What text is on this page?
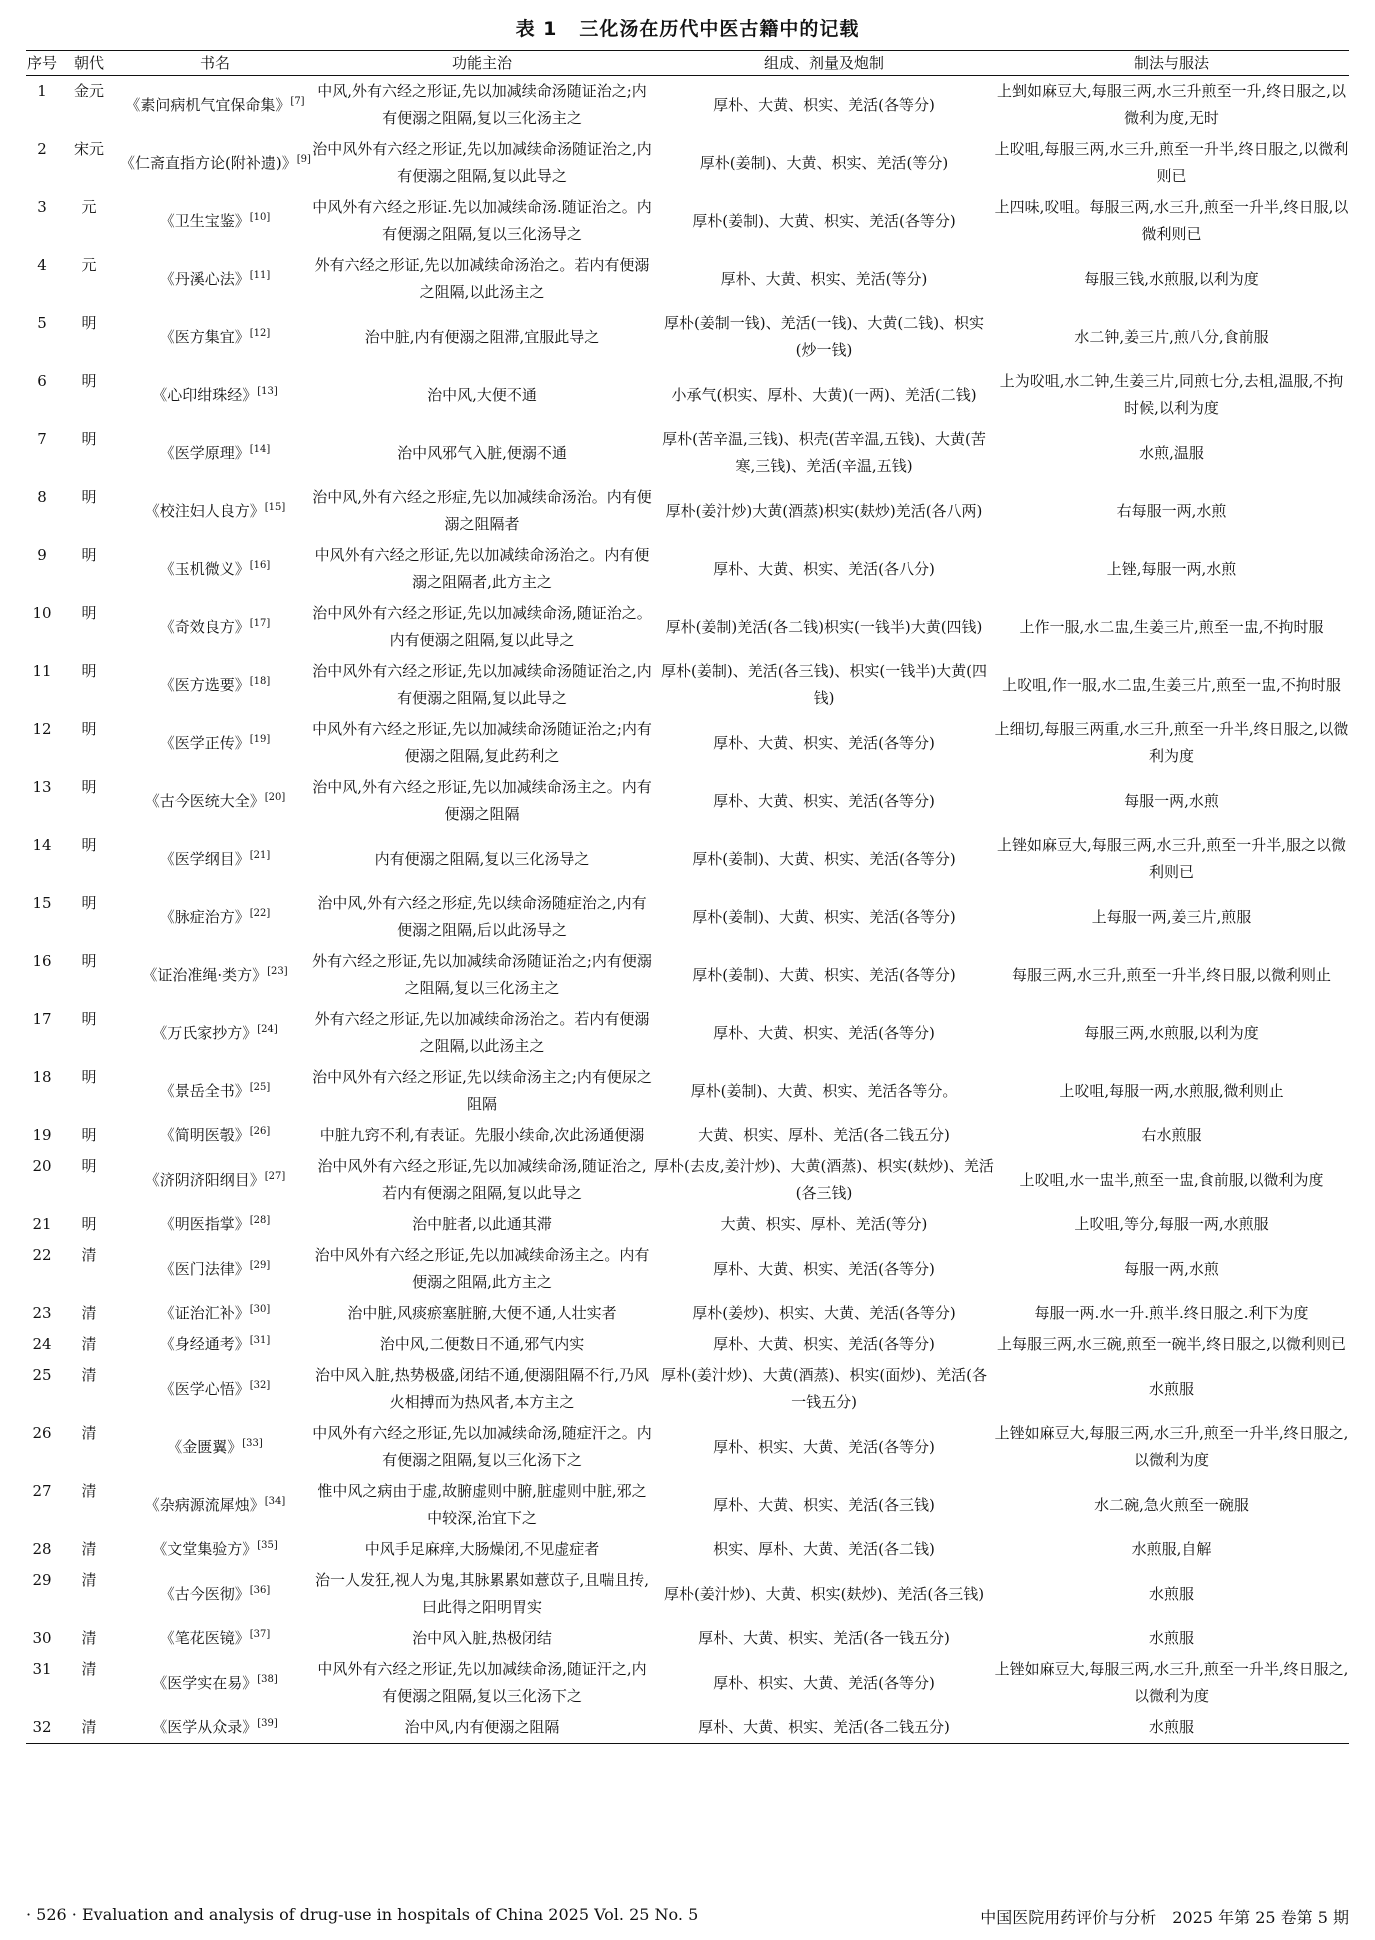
表 1 三化汤在历代中医古籍中的记载
序号	朝代	书名	功能主治	组成、剂量及炮制	制法与服法
1	金元	《素问病机气宜保命集》[7]	中风,外有六经之形证,先以加减续命汤随证治之;内有便溺之阻隔,复以三化汤主之	厚朴、大黄、枳实、羌活(各等分)	上剉如麻豆大,每服三两,水三升煎至一升,终日服之,以微利为度,无时
2	宋元	《仁斋直指方论(附补遗)》[9]	治中风外有六经之形证,先以加减续命汤随证治之,内有便溺之阻隔,复以此导之	厚朴(姜制)、大黄、枳实、羌活(等分)	上㕮咀,每服三两,水三升,煎至一升半,终日服之,以微利则已
3	元	《卫生宝鉴》[10]	中风外有六经之形证.先以加减续命汤.随证治之。内有便溺之阻隔,复以三化汤导之	厚朴(姜制)、大黄、枳实、羌活(各等分)	上四味,㕮咀。每服三两,水三升,煎至一升半,终日服,以微利则已
4	元	《丹溪心法》[11]	外有六经之形证,先以加减续命汤治之。若内有便溺之阻隔,以此汤主之	厚朴、大黄、枳实、羌活(等分)	每服三钱,水煎服,以利为度
5	明	《医方集宜》[12]	治中脏,内有便溺之阻滞,宜服此导之	厚朴(姜制一钱)、羌活(一钱)、大黄(二钱)、枳实(炒一钱)	水二钟,姜三片,煎八分,食前服
6	明	《心印绀珠经》[13]	治中风,大便不通	小承气(枳实、厚朴、大黄)(一两)、羌活(二钱)	上为㕮咀,水二钟,生姜三片,同煎七分,去柤,温服,不拘时候,以利为度
7	明	《医学原理》[14]	治中风邪气入脏,便溺不通	厚朴(苦辛温,三钱)、枳壳(苦辛温,五钱)、大黄(苦寒,三钱)、羌活(辛温,五钱)	水煎,温服
8	明	《校注妇人良方》[15]	治中风,外有六经之形症,先以加减续命汤治。内有便溺之阻隔者	厚朴(姜汁炒)大黄(酒蒸)枳实(麸炒)羌活(各八两)	右每服一两,水煎
9	明	《玉机微义》[16]	中风外有六经之形证,先以加减续命汤治之。内有便溺之阻隔者,此方主之	厚朴、大黄、枳实、羌活(各八分)	上锉,每服一两,水煎
10	明	《奇效良方》[17]	治中风外有六经之形证,先以加减续命汤,随证治之。内有便溺之阻隔,复以此导之	厚朴(姜制)羌活(各二钱)枳实(一钱半)大黄(四钱)	上作一服,水二盅,生姜三片,煎至一盅,不拘时服
11	明	《医方选要》[18]	治中风外有六经之形证,先以加减续命汤随证治之,内有便溺之阻隔,复以此导之	厚朴(姜制)、羌活(各三钱)、枳实(一钱半)大黄(四钱)	上㕮咀,作一服,水二盅,生姜三片,煎至一盅,不拘时服
12	明	《医学正传》[19]	中风外有六经之形证,先以加减续命汤随证治之;内有便溺之阻隔,复此药利之	厚朴、大黄、枳实、羌活(各等分)	上细切,每服三两重,水三升,煎至一升半,终日服之,以微利为度
13	明	《古今医统大全》[20]	治中风,外有六经之形证,先以加减续命汤主之。内有便溺之阻隔	厚朴、大黄、枳实、羌活(各等分)	每服一两,水煎
14	明	《医学纲目》[21]	内有便溺之阻隔,复以三化汤导之	厚朴(姜制)、大黄、枳实、羌活(各等分)	上锉如麻豆大,每服三两,水三升,煎至一升半,服之以微利则已
15	明	《脉症治方》[22]	治中风,外有六经之形症,先以续命汤随症治之,内有便溺之阻隔,后以此汤导之	厚朴(姜制)、大黄、枳实、羌活(各等分)	上每服一两,姜三片,煎服
16	明	《证治准绳·类方》[23]	外有六经之形证,先以加减续命汤随证治之;内有便溺之阻隔,复以三化汤主之	厚朴(姜制)、大黄、枳实、羌活(各等分)	每服三两,水三升,煎至一升半,终日服,以微利则止
17	明	《万氏家抄方》[24]	外有六经之形证,先以加减续命汤治之。若内有便溺之阻隔,以此汤主之	厚朴、大黄、枳实、羌活(各等分)	每服三两,水煎服,以利为度
18	明	《景岳全书》[25]	治中风外有六经之形证,先以续命汤主之;内有便尿之阻隔	厚朴(姜制)、大黄、枳实、羌活各等分。	上㕮咀,每服一两,水煎服,微利则止
19	明	《简明医彀》[26]	中脏九窍不利,有表证。先服小续命,次此汤通便溺	大黄、枳实、厚朴、羌活(各二钱五分)	右水煎服
20	明	《济阴济阳纲目》[27]	治中风外有六经之形证,先以加减续命汤,随证治之,若内有便溺之阻隔,复以此导之	厚朴(去皮,姜汁炒)、大黄(酒蒸)、枳实(麸炒)、羌活(各三钱)	上㕮咀,水一盅半,煎至一盅,食前服,以微利为度
21	明	《明医指掌》[28]	治中脏者,以此通其滞	大黄、枳实、厚朴、羌活(等分)	上㕮咀,等分,每服一两,水煎服
22	清	《医门法律》[29]	治中风外有六经之形证,先以加减续命汤主之。内有便溺之阻隔,此方主之	厚朴、大黄、枳实、羌活(各等分)	每服一两,水煎
23	清	《证治汇补》[30]	治中脏,风痰瘀塞脏腑,大便不通,人壮实者	厚朴(姜炒)、枳实、大黄、羌活(各等分)	每服一两.水一升.煎半.终日服之.利下为度
24	清	《身经通考》[31]	治中风,二便数日不通,邪气内实	厚朴、大黄、枳实、羌活(各等分)	上每服三两,水三碗,煎至一碗半,终日服之,以微利则已
25	清	《医学心悟》[32]	治中风入脏,热势极盛,闭结不通,便溺阻隔不行,乃风火相搏而为热风者,本方主之	厚朴(姜汁炒)、大黄(酒蒸)、枳实(面炒)、羌活(各一钱五分)	水煎服
26	清	《金匮翼》[33]	中风外有六经之形证,先以加减续命汤,随症汗之。内有便溺之阻隔,复以三化汤下之	厚朴、枳实、大黄、羌活(各等分)	上锉如麻豆大,每服三两,水三升,煎至一升半,终日服之,以微利为度
27	清	《杂病源流犀烛》[34]	惟中风之病由于虚,故腑虚则中腑,脏虚则中脏,邪之中较深,治宜下之	厚朴、大黄、枳实、羌活(各三钱)	水二碗,急火煎至一碗服
28	清	《文堂集验方》[35]	中风手足麻痒,大肠燥闭,不见虚症者	枳实、厚朴、大黄、羌活(各二钱)	水煎服,自解
29	清	《古今医彻》[36]	治一人发狂,视人为鬼,其脉累累如薏苡子,且喘且抟,曰此得之阳明胃实	厚朴(姜汁炒)、大黄、枳实(麸炒)、羌活(各三钱)	水煎服
30	清	《笔花医镜》[37]	治中风入脏,热极闭结	厚朴、大黄、枳实、羌活(各一钱五分)	水煎服
31	清	《医学实在易》[38]	中风外有六经之形证,先以加减续命汤,随证汗之,内有便溺之阻隔,复以三化汤下之	厚朴、枳实、大黄、羌活(各等分)	上锉如麻豆大,每服三两,水三升,煎至一升半,终日服之,以微利为度
32	清	《医学从众录》[39]	治中风,内有便溺之阻隔	厚朴、大黄、枳实、羌活(各二钱五分)	水煎服
· 526 · Evaluation and analysis of drug-use in hospitals of China 2025 Vol. 25 No. 5	中国医院用药评价与分析　2025 年第 25 卷第 5 期
